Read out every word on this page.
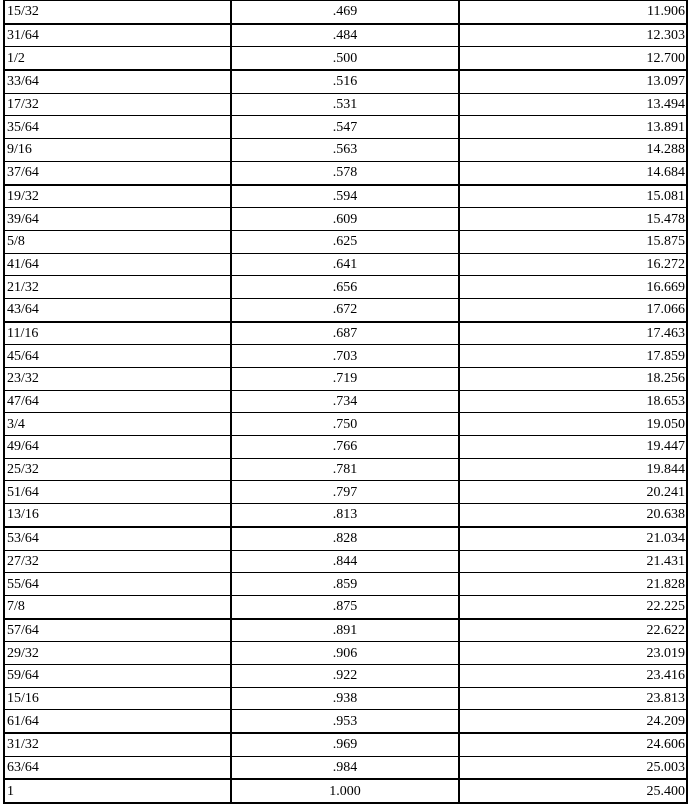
15/32	.469	11.906
31/64	.484	12.303
1/2	.500	12.700
33/64	.516	13.097
17/32	.531	13.494
35/64	.547	13.891
9/16	.563	14.288
37/64	.578	14.684
19/32	.594	15.081
39/64	.609	15.478
5/8	.625	15.875
41/64	.641	16.272
21/32	.656	16.669
43/64	.672	17.066
11/16	.687	17.463
45/64	.703	17.859
23/32	.719	18.256
47/64	.734	18.653
3/4	.750	19.050
49/64	.766	19.447
25/32	.781	19.844
51/64	.797	20.241
13/16	.813	20.638
53/64	.828	21.034
27/32	.844	21.431
55/64	.859	21.828
7/8	.875	22.225
57/64	.891	22.622
29/32	.906	23.019
59/64	.922	23.416
15/16	.938	23.813
61/64	.953	24.209
31/32	.969	24.606
63/64	.984	25.003
1	1.000	25.400
